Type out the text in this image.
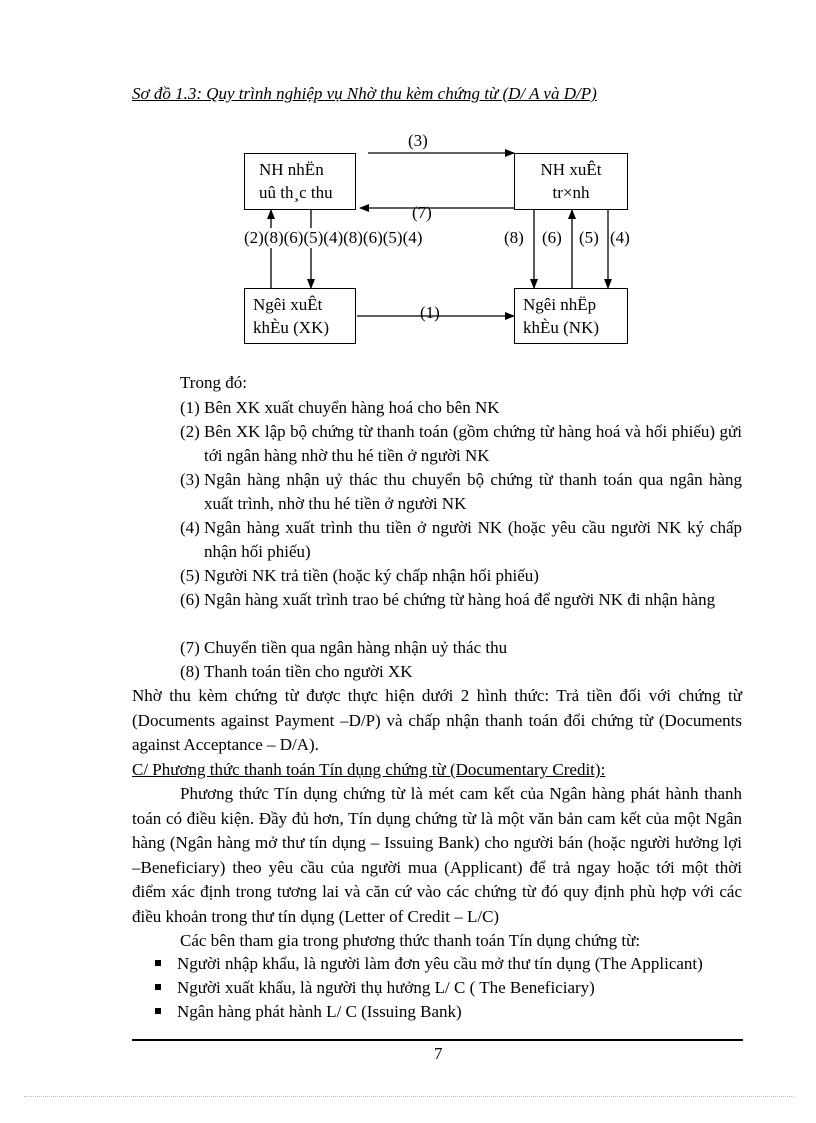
Sơ đồ 1.3: Quy trình nghiệp vụ Nhờ thu kèm chứng từ (D/ A và D/P)
NH nhËn
uû th¸c thu
NH xuÊt
tr×nh
Ngêi xuÊt
khÈu (XK)
Ngêi nhËp
khÈu (NK)
(3)
(7)
(2)(8)(6)(5)(4)(8)(6)(5)(4)
(1)
(8) (6) (5) (4)
Trong đó:
(1) Bên XK xuất chuyển hàng hoá cho bên NK
(2) Bên XK lập bộ chứng từ thanh toán (gồm chứng từ hàng hoá và hối phiếu) gửi tới ngân hàng nhờ thu hé tiền ở người NK
(3) Ngân hàng nhận uỷ thác thu chuyển bộ chứng từ thanh toán qua ngân hàng xuất trình, nhờ thu hé tiền ở người NK
(4) Ngân hàng xuất trình thu tiền ở người NK (hoặc yêu cầu người NK ký chấp nhận hối phiếu)
(5) Người NK trả tiền (hoặc ký chấp nhận hối phiếu)
(6) Ngân hàng xuất trình trao bé chứng từ hàng hoá để người NK đi nhận hàng
(7) Chuyển tiền qua ngân hàng nhận uỷ thác thu
(8) Thanh toán tiền cho người XK
Nhờ thu kèm chứng từ được thực hiện dưới 2 hình thức: Trả tiền đối với chứng từ (Documents against Payment –D/P) và chấp nhận thanh toán đổi chứng từ (Documents against Acceptance – D/A).
C/ Phương thức thanh toán Tín dụng chứng từ (Documentary Credit):
Phương thức Tín dụng chứng từ là mét cam kết của Ngân hàng phát hành thanh toán có điều kiện. Đầy đủ hơn, Tín dụng chứng từ là một văn bản cam kết của một Ngân hàng (Ngân hàng mở thư tín dụng – Issuing Bank) cho người bán (hoặc người hưởng lợi –Beneficiary) theo yêu cầu của người mua (Applicant) để trả ngay hoặc tới một thời điểm xác định trong tương lai và căn cứ vào các chứng từ đó quy định phù hợp với các điều khoản trong thư tín dụng (Letter of Credit – L/C)
Các bên tham gia trong phương thức thanh toán Tín dụng chứng từ:
Người nhập khẩu, là người làm đơn yêu cầu mở thư tín dụng (The Applicant)
Người xuất khẩu, là người thụ hưởng L/ C ( The Beneficiary)
Ngân hàng phát hành L/ C (Issuing Bank)
7
